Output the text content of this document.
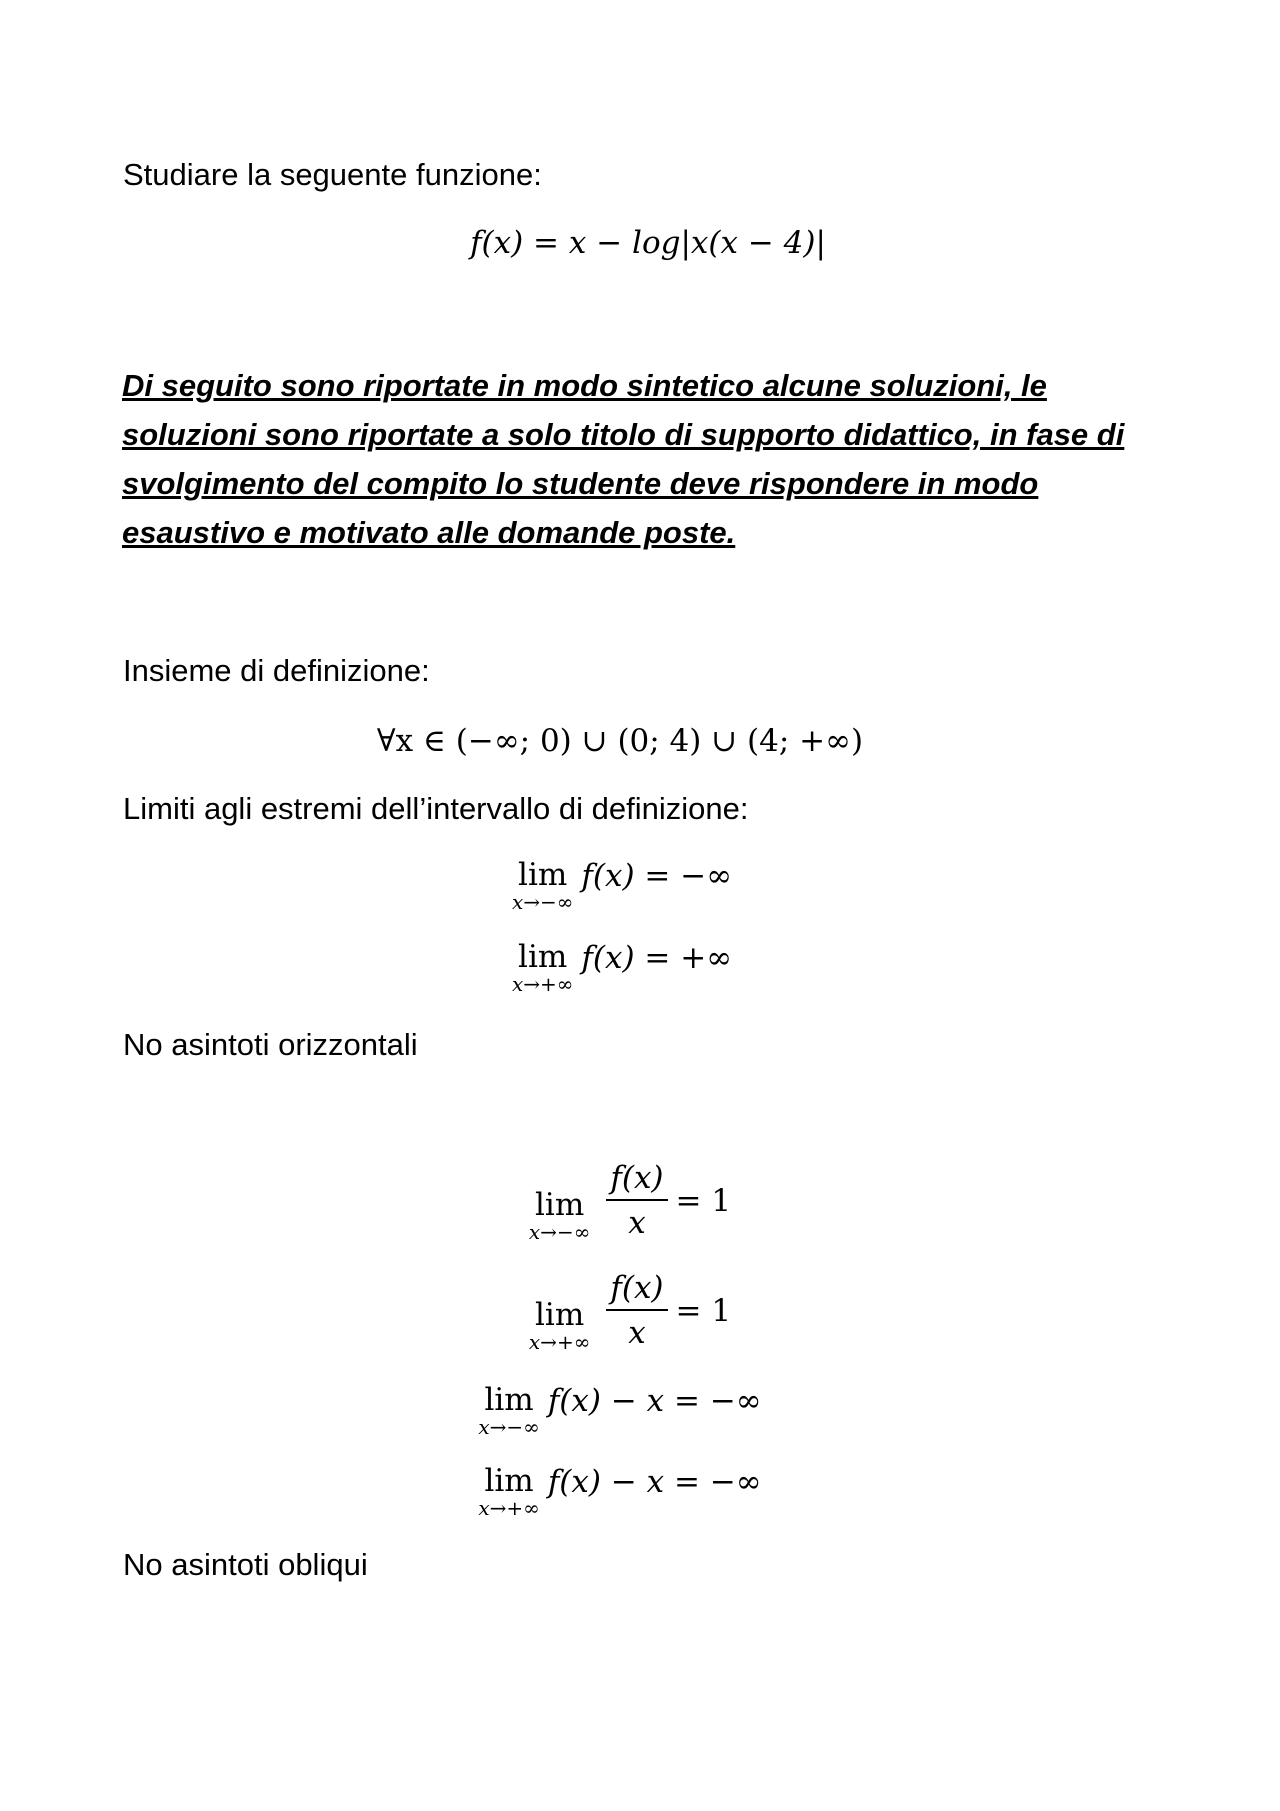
Studiare la seguente funzione:
f(x) = x − log|x(x − 4)|

Di seguito sono riportate in modo sintetico alcune soluzioni, le soluzioni sono riportate a solo titolo di supporto didattico, in fase di svolgimento del compito lo studente deve rispondere in modo esaustivo e motivato alle domande poste.

Insieme di definizione:
∀x ∈ (−∞; 0) ∪ (0; 4) ∪ (4; +∞)
Limiti agli estremi dell’intervallo di definizione:
lim
x→−∞
f(x) = −∞
lim
x→+∞
f(x) = +∞
No asintoti orizzontali
lim
$x\to-\infty \frac{f(x)}{x} = 1$
lim
$x\to+\infty \frac{f(x)}{x} = 1$
lim
x→−∞
f(x) − x = −∞
lim
x→+∞
f(x) − x = −∞
No asintoti obliqui
